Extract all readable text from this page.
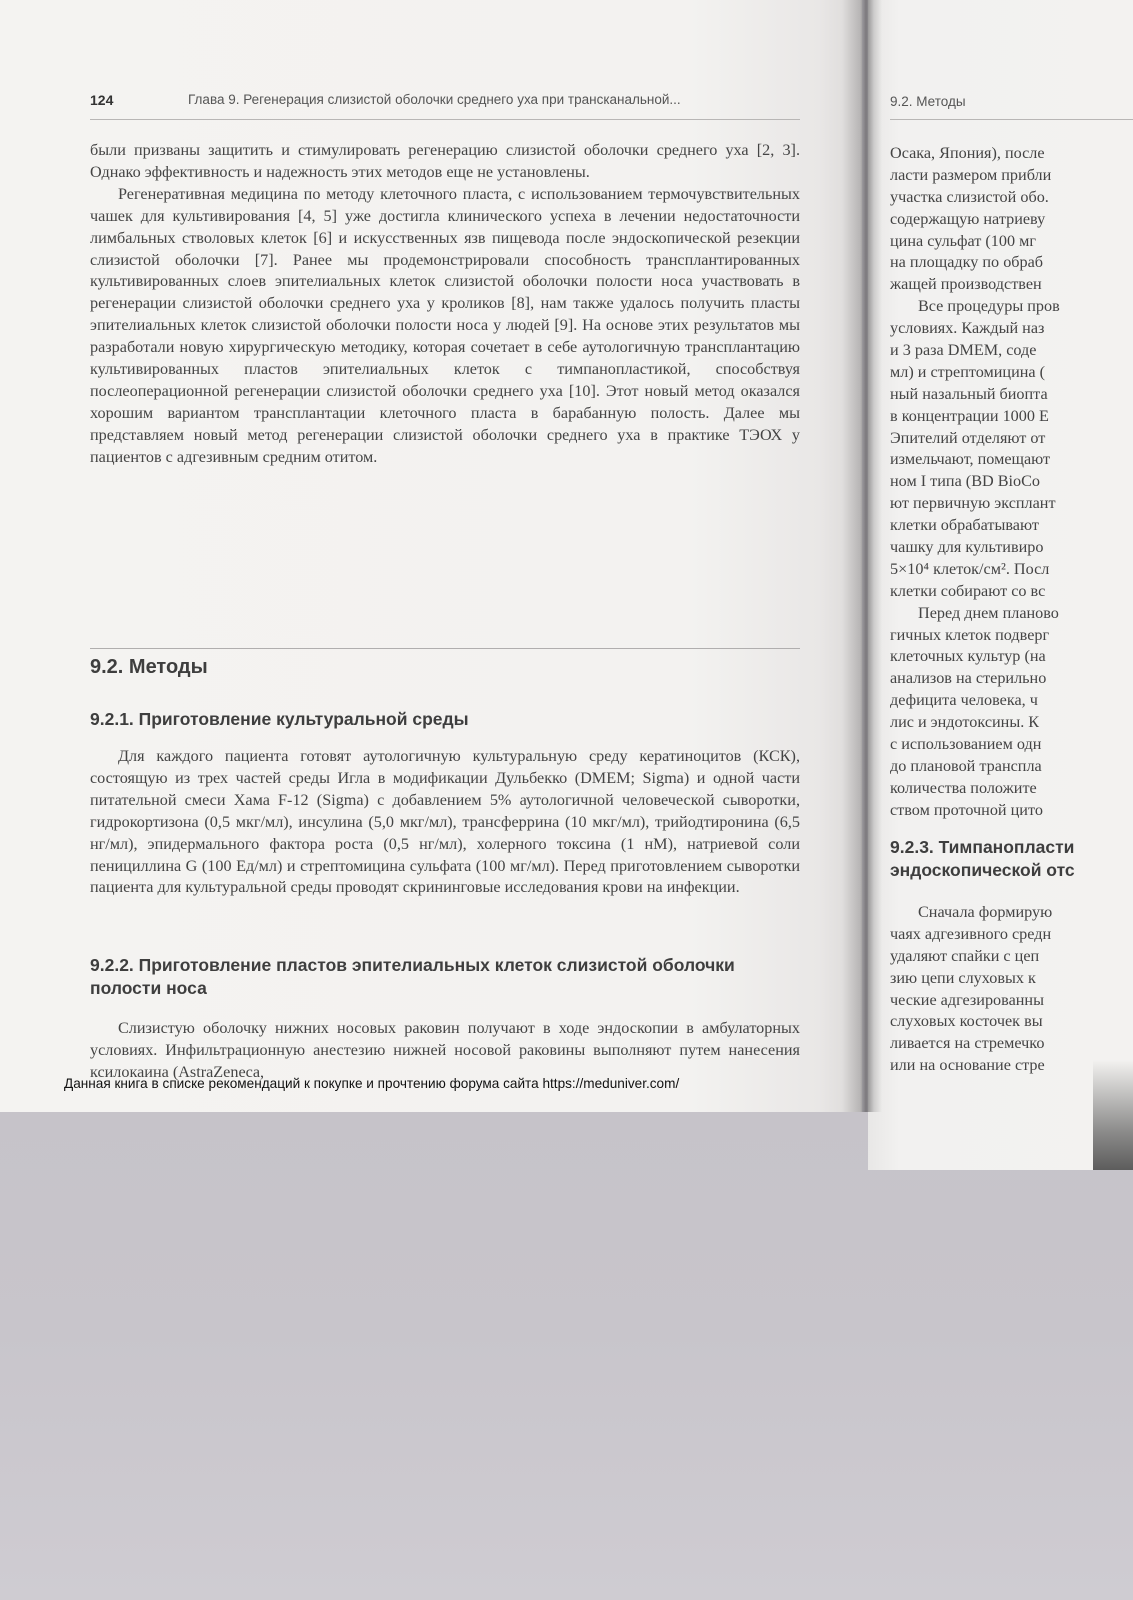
124	Глава 9. Регенерация слизистой оболочки среднего уха при трансканальной...

были призваны защитить и стимулировать регенерацию слизистой оболочки среднего уха [2, 3]. Однако эффективность и надежность этих методов еще не установлены.

Регенеративная медицина по методу клеточного пласта, с использованием термочувствительных чашек для культивирования [4, 5] уже достигла клинического успеха в лечении недостаточности лимбальных стволовых клеток [6] и искусственных язв пищевода после эндоскопической резекции слизистой оболочки [7]. Ранее мы продемонстрировали способность трансплантированных культивированных слоев эпителиальных клеток слизистой оболочки полости носа участвовать в регенерации слизистой оболочки среднего уха у кроликов [8], нам также удалось получить пласты эпителиальных клеток слизистой оболочки полости носа у людей [9]. На основе этих результатов мы разработали новую хирургическую методику, которая сочетает в себе аутологичную трансплантацию культивированных пластов эпителиальных клеток с тимпанопластикой, способствуя послеоперационной регенерации слизистой оболочки среднего уха [10]. Этот новый метод оказался хорошим вариантом трансплантации клеточного пласта в барабанную полость. Далее мы представляем новый метод регенерации слизистой оболочки среднего уха в практике ТЭОХ у пациентов с адгезивным средним отитом.

9.2. Методы
9.2.1. Приготовление культуральной среды

Для каждого пациента готовят аутологичную культуральную среду кератиноцитов (КСК), состоящую из трех частей среды Игла в модификации Дульбекко (DMEM; Sigma) и одной части питательной смеси Хама F-12 (Sigma) с добавлением 5% аутологичной человеческой сыворотки, гидрокортизона (0,5 мкг/мл), инсулина (5,0 мкг/мл), трансферрина (10 мкг/мл), трийодтиронина (6,5 нг/мл), эпидермального фактора роста (0,5 нг/мл), холерного токсина (1 нМ), натриевой соли пенициллина G (100 Ед/мл) и стрептомицина сульфата (100 мг/мл). Перед приготовлением сыворотки пациента для культуральной среды проводят скрининговые исследования крови на инфекции.

9.2.2. Приготовление пластов эпителиальных клеток слизистой оболочки полости носа

Слизистую оболочку нижних носовых раковин получают в ходе эндоскопии в амбулаторных условиях. Инфильтрационную анестезию нижней носовой раковины выполняют путем нанесения ксилокаина (AstraZeneca,

Данная книга в списке рекомендаций к покупке и прочтению форума сайта https://meduniver.com/
9.2. Методы
Осака, Япония), после
ласти размером прибли
участка слизистой обо.
содержащую натриеву
цина сульфат (100 мг
на площадку по обраб
жащей производствен
Все процедуры пров
условиях. Каждый наз
и 3 раза DMEM, соде
мл) и стрептомицина (
ный назальный биопта
в концентрации 1000 Е
Эпителий отделяют от
измельчают, помещают
ном I типа (BD BioCo
ют первичную эксплант
клетки обрабатывают
чашку для культивиро
5×10⁴ клеток/см². Посл
клетки собирают со вс
Перед днем планово
гичных клеток подверг
клеточных культур (на
анализов на стерильно
дефицита человека, ч
лис и эндотоксины. К
с использованием одн
до плановой транспла
количества положите
ством проточной цито
9.2.3. Тимпанопласти
эндоскопической отс
Сначала формирую
чаях адгезивного средн
удаляют спайки с цеп
зию цепи слуховых к
ческие адгезированны
слуховых косточек вы
ливается на стремечко
или на основание стре
